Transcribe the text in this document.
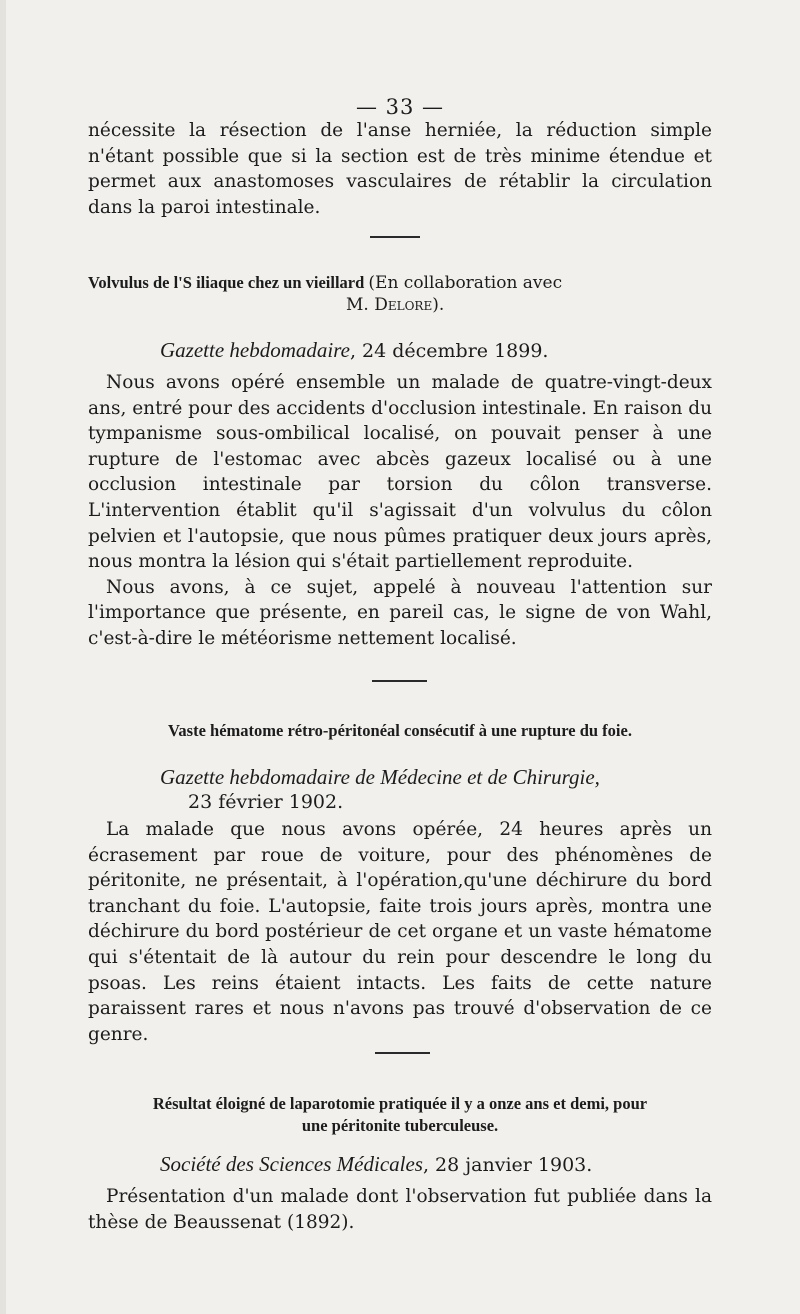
— 33 —

nécessite la résection de l'anse herniée, la réduction simple n'étant possible que si la section est de très minime étendue et permet aux anastomoses vasculaires de rétablir la circulation dans la paroi intestinale.

Volvulus de l'S iliaque chez un vieillard (En collaboration avec
M. Delore).
Gazette hebdomadaire, 24 décembre 1899.

Nous avons opéré ensemble un malade de quatre-vingt-deux ans, entré pour des accidents d'occlusion intestinale. En raison du tympanisme sous-ombilical localisé, on pouvait penser à une rupture de l'estomac avec abcès gazeux localisé ou à une occlusion intestinale par torsion du côlon transverse. L'intervention établit qu'il s'agissait d'un volvulus du côlon pelvien et l'autopsie, que nous pûmes pratiquer deux jours après, nous montra la lésion qui s'était partiellement reproduite.

Nous avons, à ce sujet, appelé à nouveau l'attention sur l'importance que présente, en pareil cas, le signe de von Wahl, c'est-à-dire le météorisme nettement localisé.

Vaste hématome rétro-péritonéal consécutif à une rupture du foie.
Gazette hebdomadaire de Médecine et de Chirurgie,
23 février 1902.

La malade que nous avons opérée, 24 heures après un écrasement par roue de voiture, pour des phénomènes de péritonite, ne présentait, à l'opération,qu'une déchirure du bord tranchant du foie. L'autopsie, faite trois jours après, montra une déchirure du bord postérieur de cet organe et un vaste hématome qui s'étentait de là autour du rein pour descendre le long du psoas. Les reins étaient intacts. Les faits de cette nature paraissent rares et nous n'avons pas trouvé d'observation de ce genre.

Résultat éloigné de laparotomie pratiquée il y a onze ans et demi, pour
une péritonite tuberculeuse.
Société des Sciences Médicales, 28 janvier 1903.

Présentation d'un malade dont l'observation fut publiée dans la thèse de Beaussenat (1892).
